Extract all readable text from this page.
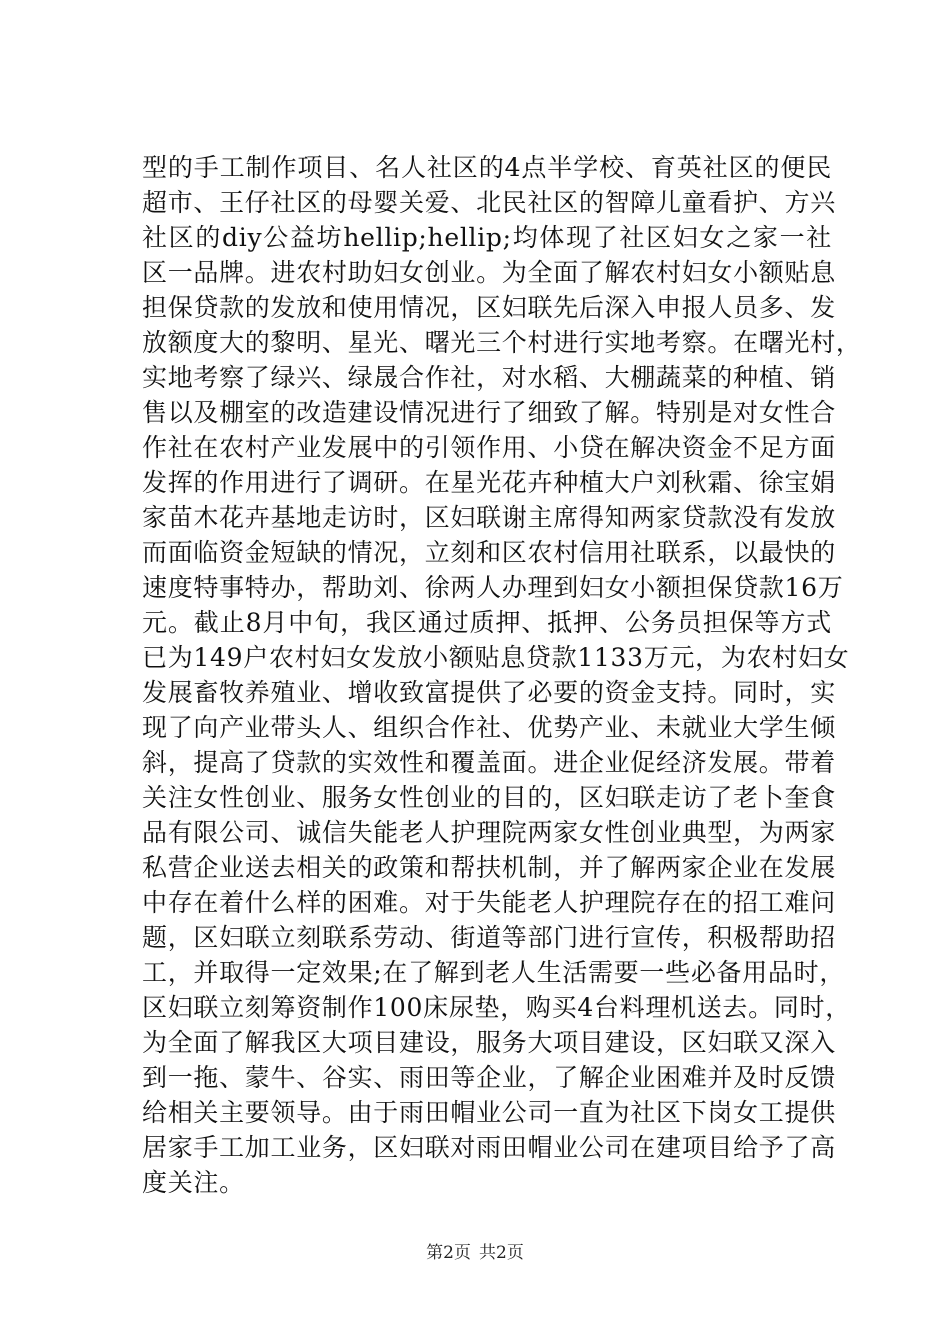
型的手工制作项目、名人社区的4点半学校、育英社区的便民
超市、王仔社区的母婴关爱、北民社区的智障儿童看护、方兴
社区的diy公益坊hellip;hellip;均体现了社区妇女之家一社
区一品牌。进农村助妇女创业。为全面了解农村妇女小额贴息
担保贷款的发放和使用情况，区妇联先后深入申报人员多、发
放额度大的黎明、星光、曙光三个村进行实地考察。在曙光村，
实地考察了绿兴、绿晟合作社，对水稻、大棚蔬菜的种植、销
售以及棚室的改造建设情况进行了细致了解。特别是对女性合
作社在农村产业发展中的引领作用、小贷在解决资金不足方面
发挥的作用进行了调研。在星光花卉种植大户刘秋霜、徐宝娟
家苗木花卉基地走访时，区妇联谢主席得知两家贷款没有发放
而面临资金短缺的情况，立刻和区农村信用社联系，以最快的
速度特事特办，帮助刘、徐两人办理到妇女小额担保贷款16万
元。截止8月中旬，我区通过质押、抵押、公务员担保等方式
已为149户农村妇女发放小额贴息贷款1133万元，为农村妇女
发展畜牧养殖业、增收致富提供了必要的资金支持。同时，实
现了向产业带头人、组织合作社、优势产业、未就业大学生倾
斜，提高了贷款的实效性和覆盖面。进企业促经济发展。带着
关注女性创业、服务女性创业的目的，区妇联走访了老卜奎食
品有限公司、诚信失能老人护理院两家女性创业典型，为两家
私营企业送去相关的政策和帮扶机制，并了解两家企业在发展
中存在着什么样的困难。对于失能老人护理院存在的招工难问
题，区妇联立刻联系劳动、街道等部门进行宣传，积极帮助招
工，并取得一定效果;在了解到老人生活需要一些必备用品时，
区妇联立刻筹资制作100床尿垫，购买4台料理机送去。同时，
为全面了解我区大项目建设，服务大项目建设，区妇联又深入
到一拖、蒙牛、谷实、雨田等企业，了解企业困难并及时反馈
给相关主要领导。由于雨田帽业公司一直为社区下岗女工提供
居家手工加工业务，区妇联对雨田帽业公司在建项目给予了高
度关注。
第2页 共2页
